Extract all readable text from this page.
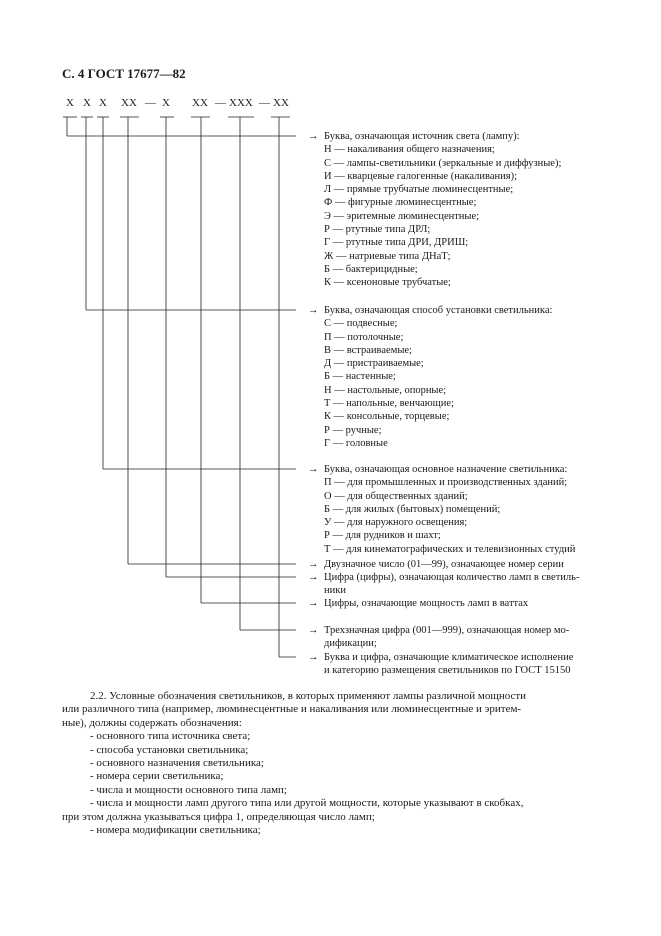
С. 4 ГОСТ 17677—82
Х Х Х ХХ — Х ХХ — ХХХ — ХХ
→ Буква, означающая источник света (лампу):
Н — накаливания общего назначения;
С — лампы-светильники (зеркальные и диффузные);
И — кварцевые галогенные (накаливания);
Л — прямые трубчатые люминесцентные;
Ф — фигурные люминесцентные;
Э — эритемные люминесцентные;
Р — ртутные типа ДРЛ;
Г — ртутные типа ДРИ, ДРИШ;
Ж — натриевые типа ДНаТ;
Б — бактерицидные;
К — ксеноновые трубчатые;
→ Буква, означающая способ установки светильника:
С — подвесные;
П — потолочные;
В — встраиваемые;
Д — пристраиваемые;
Б — настенные;
Н — настольные, опорные;
Т — напольные, венчающие;
К — консольные, торцевые;
Р — ручные;
Г — головные
→ Буква, означающая основное назначение светильника:
П — для промышленных и производственных зданий;
О — для общественных зданий;
Б — для жилых (бытовых) помещений;
У — для наружного освещения;
Р — для рудников и шахт;
Т — для кинематографических и телевизионных студий
→ Двузначное число (01—99), означающее номер серии
→ Цифра (цифры), означающая количество ламп в светиль-
ники
→ Цифры, означающие мощность ламп в ваттах
→ Трехзначная цифра (001—999), означающая номер мо-
дификации;
→ Буква и цифра, означающие климатическое исполнение
и категорию размещения светильников по ГОСТ 15150
2.2. Условные обозначения светильников, в которых применяют лампы различной мощности
или различного типа (например, люминесцентные и накаливания или люминесцентные и эритем-
ные), должны содержать обозначения:
- основного типа источника света;
- способа установки светильника;
- основного назначения светильника;
- номера серии светильника;
- числа и мощности основного типа ламп;
- числа и мощности ламп другого типа или другой мощности, которые указывают в скобках,
при этом должна указываться цифра 1, определяющая число ламп;
- номера модификации светильника;
